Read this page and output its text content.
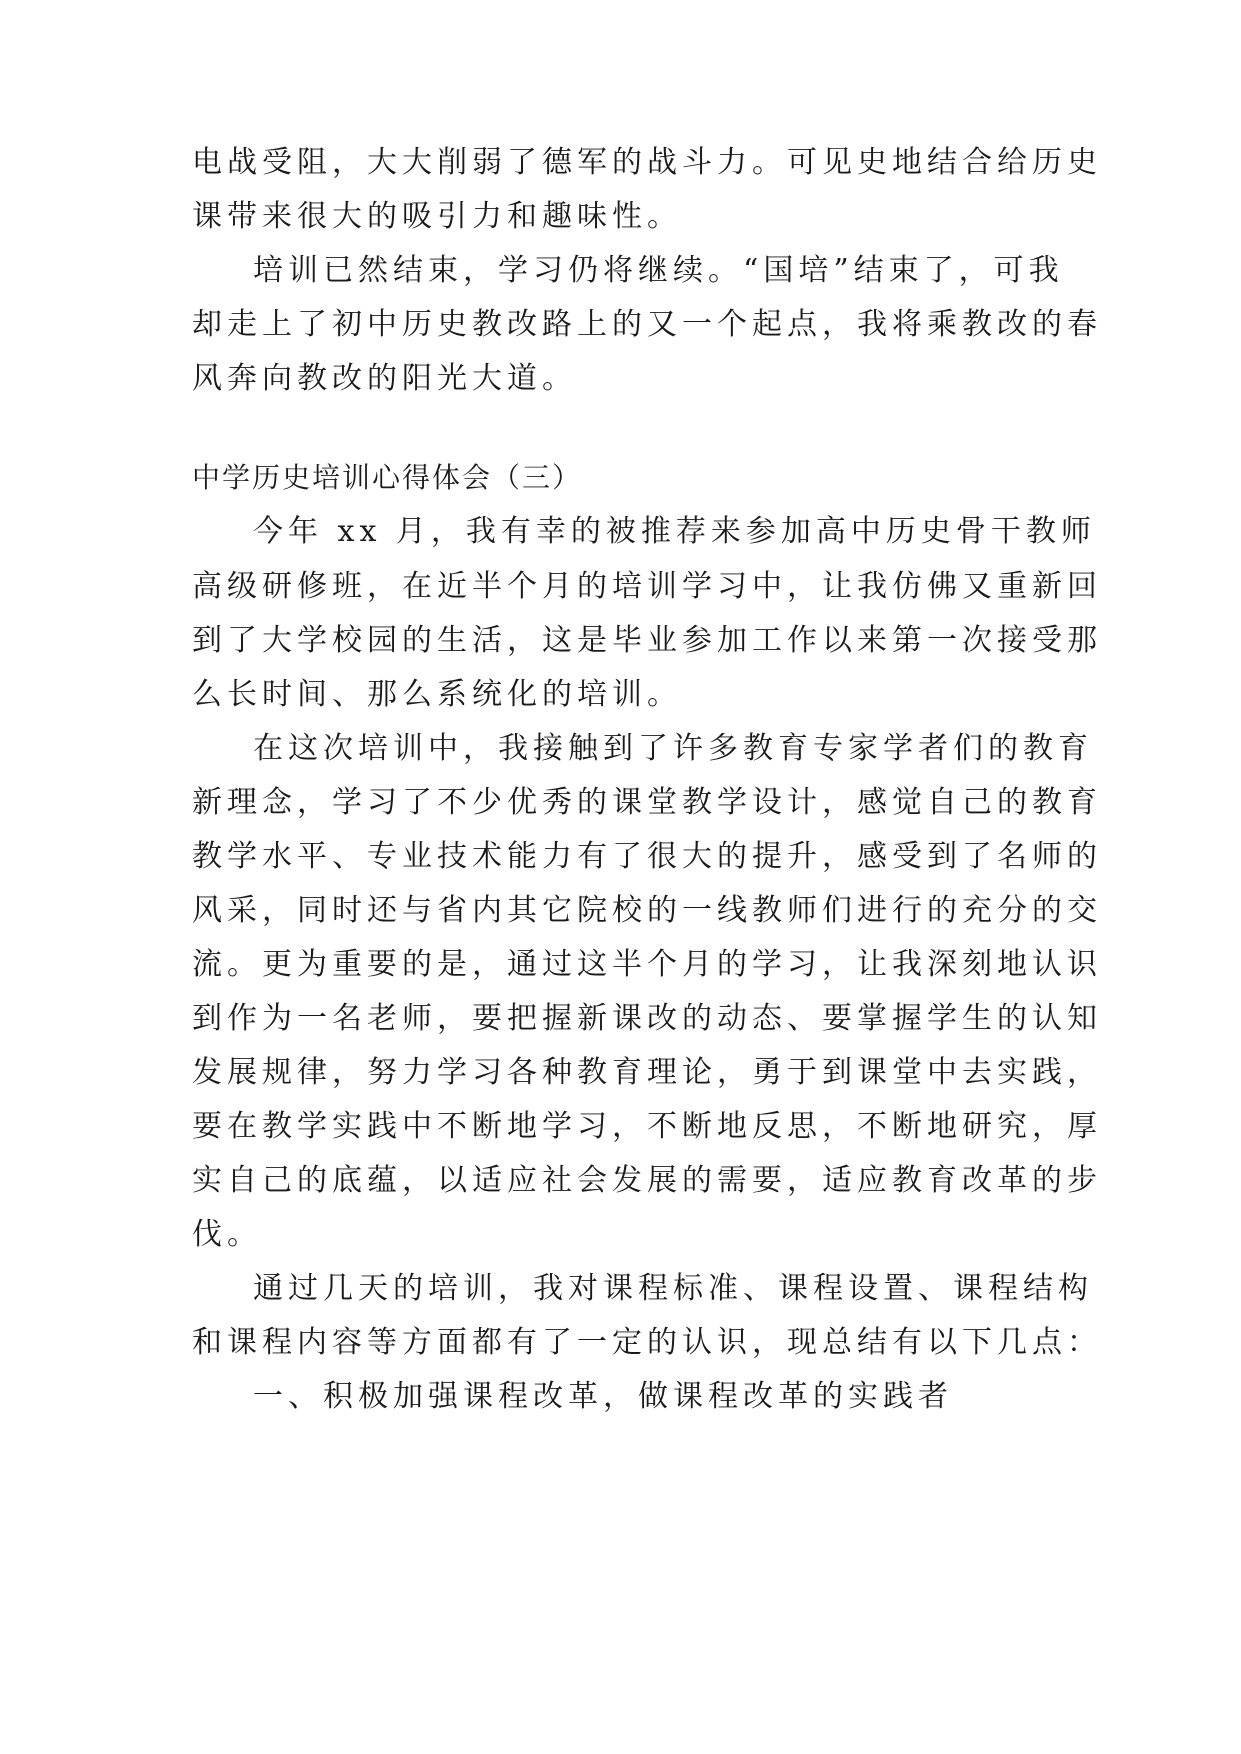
电战受阻，大大削弱了德军的战斗力。可见史地结合给历史

课带来很大的吸引力和趣味性。

培训已然结束，学习仍将继续。“国培”结束了，可我

却走上了初中历史教改路上的又一个起点，我将乘教改的春

风奔向教改的阳光大道。

中学历史培训心得体会（三）

今年 xx 月，我有幸的被推荐来参加高中历史骨干教师

高级研修班，在近半个月的培训学习中，让我仿佛又重新回

到了大学校园的生活，这是毕业参加工作以来第一次接受那

么长时间、那么系统化的培训。

在这次培训中，我接触到了许多教育专家学者们的教育

新理念，学习了不少优秀的课堂教学设计，感觉自己的教育

教学水平、专业技术能力有了很大的提升，感受到了名师的

风采，同时还与省内其它院校的一线教师们进行的充分的交

流。更为重要的是，通过这半个月的学习，让我深刻地认识

到作为一名老师，要把握新课改的动态、要掌握学生的认知

发展规律，努力学习各种教育理论，勇于到课堂中去实践，

要在教学实践中不断地学习，不断地反思，不断地研究，厚

实自己的底蕴，以适应社会发展的需要，适应教育改革的步

伐。

通过几天的培训，我对课程标准、课程设置、课程结构

和课程内容等方面都有了一定的认识，现总结有以下几点：

一、积极加强课程改革，做课程改革的实践者
